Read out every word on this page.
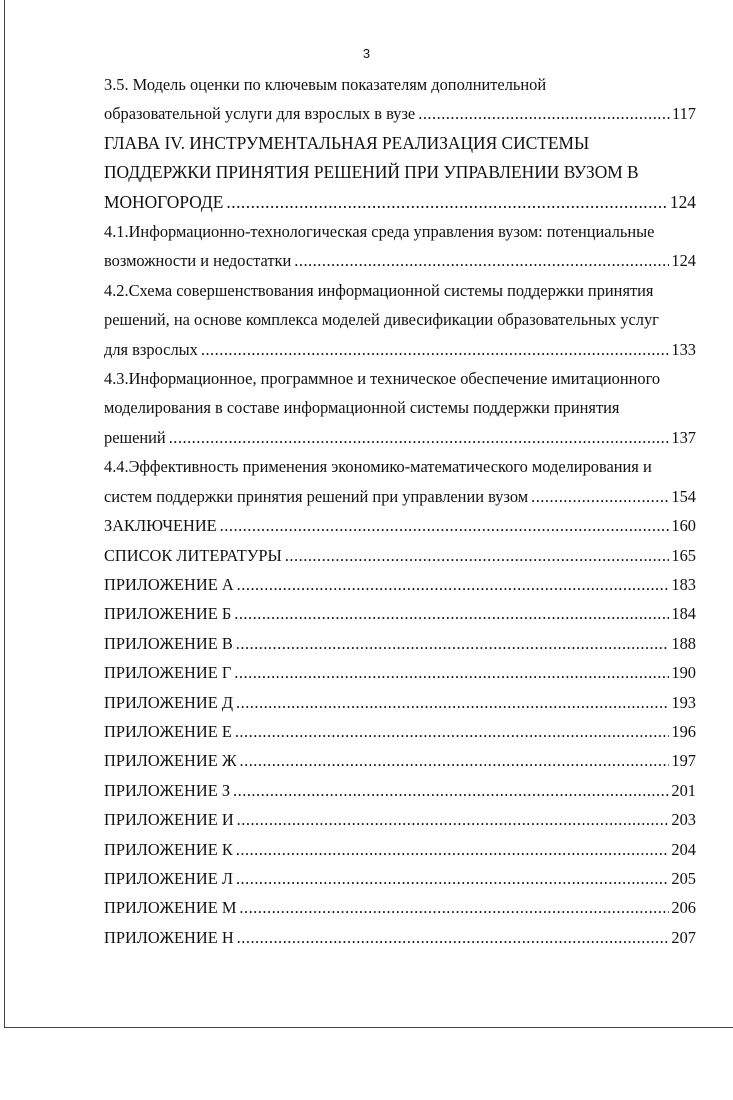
3
3.5. Модель оценки по ключевым показателям дополнительной
образовательной услуги для взрослых в вузе .....	117
ГЛАВА IV. ИНСТРУМЕНТАЛЬНАЯ РЕАЛИЗАЦИЯ СИСТЕМЫ
ПОДДЕРЖКИ ПРИНЯТИЯ РЕШЕНИЙ ПРИ УПРАВЛЕНИИ ВУЗОМ В
МОНОГОРОДЕ .....	124
4.1.Информационно-технологическая среда управления вузом: потенциальные
возможности и недостатки .....	124
4.2.Схема совершенствования информационной системы поддержки принятия
решений, на основе комплекса моделей дивесификации образовательных услуг
для взрослых .....	133
4.3.Информационное, программное и техническое обеспечение имитационного
моделирования в составе информационной системы поддержки принятия
решений .....	137
4.4.Эффективность применения экономико-математического моделирования и
систем поддержки принятия решений при управлении вузом .....	154
ЗАКЛЮЧЕНИЕ .....	160
СПИСОК ЛИТЕРАТУРЫ .....	165
ПРИЛОЖЕНИЕ А .....	183
ПРИЛОЖЕНИЕ Б .....	184
ПРИЛОЖЕНИЕ В .....	188
ПРИЛОЖЕНИЕ Г .....	190
ПРИЛОЖЕНИЕ Д .....	193
ПРИЛОЖЕНИЕ Е .....	196
ПРИЛОЖЕНИЕ Ж .....	197
ПРИЛОЖЕНИЕ З .....	201
ПРИЛОЖЕНИЕ И .....	203
ПРИЛОЖЕНИЕ К .....	204
ПРИЛОЖЕНИЕ Л .....	205
ПРИЛОЖЕНИЕ М .....	206
ПРИЛОЖЕНИЕ Н .....	207
